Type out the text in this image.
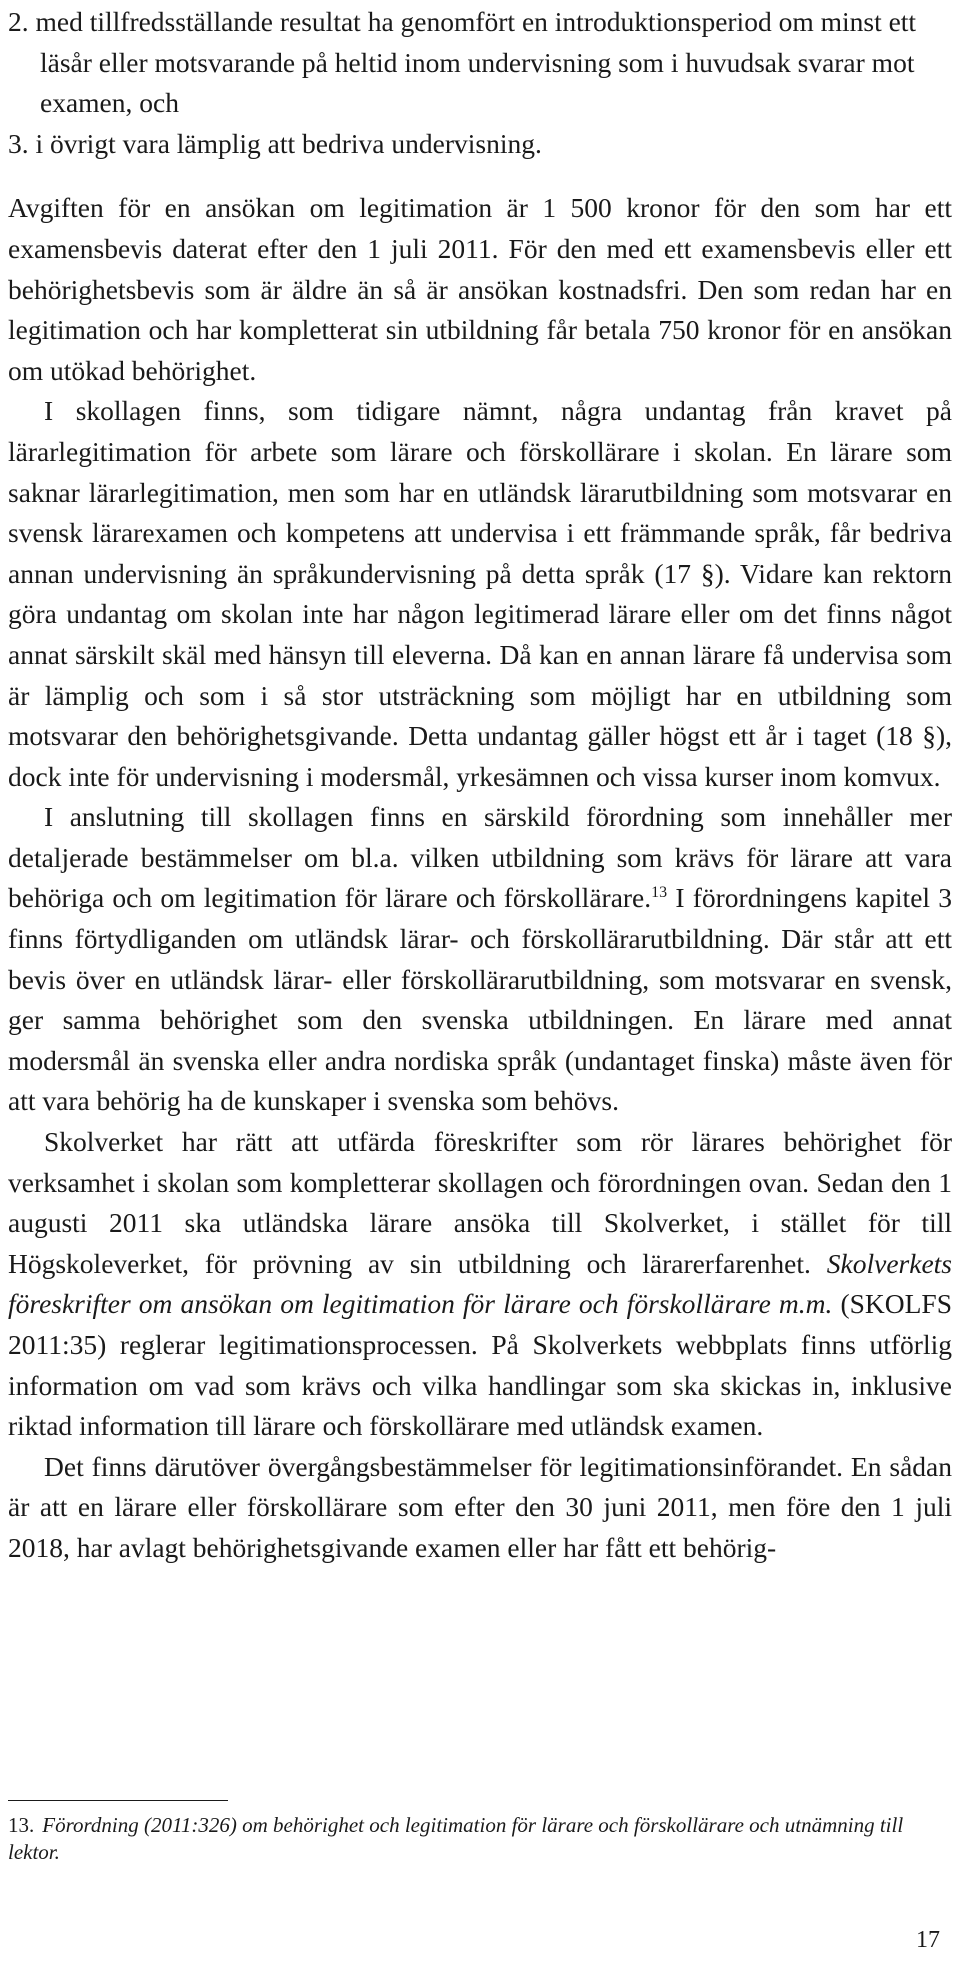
2. med tillfredsställande resultat ha genomfört en introduktionsperiod om minst ett läsår eller motsvarande på heltid inom undervisning som i huvudsak svarar mot examen, och
3. i övrigt vara lämplig att bedriva undervisning.

Avgiften för en ansökan om legitimation är 1 500 kronor för den som har ett examensbevis daterat efter den 1 juli 2011. För den med ett examensbevis eller ett behörighetsbevis som är äldre än så är ansökan kostnadsfri. Den som redan har en legitimation och har kompletterat sin utbildning får betala 750 kronor för en ansökan om utökad behörighet.

I skollagen finns, som tidigare nämnt, några undantag från kravet på lärarlegitimation för arbete som lärare och förskollärare i skolan. En lärare som saknar lärarlegitimation, men som har en utländsk lärarutbildning som motsvarar en svensk lärarexamen och kompetens att undervisa i ett främmande språk, får bedriva annan undervisning än språkundervisning på detta språk (17 §). Vidare kan rektorn göra undantag om skolan inte har någon legitimerad lärare eller om det finns något annat särskilt skäl med hänsyn till eleverna. Då kan en annan lärare få undervisa som är lämplig och som i så stor utsträckning som möjligt har en utbildning som motsvarar den behörighetsgivande. Detta undantag gäller högst ett år i taget (18 §), dock inte för undervisning i modersmål, yrkesämnen och vissa kurser inom komvux.

I anslutning till skollagen finns en särskild förordning som innehåller mer detaljerade bestämmelser om bl.a. vilken utbildning som krävs för lärare att vara behöriga och om legitimation för lärare och förskollärare.$^{13}$ I förordningens kapitel 3 finns förtydliganden om utländsk lärar- och förskollärarutbildning. Där står att ett bevis över en utländsk lärar- eller förskollärarutbildning, som motsvarar en svensk, ger samma behörighet som den svenska utbildningen. En lärare med annat modersmål än svenska eller andra nordiska språk (undantaget finska) måste även för att vara behörig ha de kunskaper i svenska som behövs.

Skolverket har rätt att utfärda föreskrifter som rör lärares behörighet för verksamhet i skolan som kompletterar skollagen och förordningen ovan. Sedan den 1 augusti 2011 ska utländska lärare ansöka till Skolverket, i stället för till Högskoleverket, för prövning av sin utbildning och lärarerfarenhet. Skolverkets föreskrifter om ansökan om legitimation för lärare och förskollärare m.m. (SKOLFS 2011:35) reglerar legitimationsprocessen. På Skolverkets webbplats finns utförlig information om vad som krävs och vilka handlingar som ska skickas in, inklusive riktad information till lärare och förskollärare med utländsk examen.

Det finns därutöver övergångsbestämmelser för legitimationsinförandet. En sådan är att en lärare eller förskollärare som efter den 30 juni 2011, men före den 1 juli 2018, har avlagt behörighetsgivande examen eller har fått ett behörig-

13. Förordning (2011:326) om behörighet och legitimation för lärare och förskollärare och utnämning till lektor.
17
